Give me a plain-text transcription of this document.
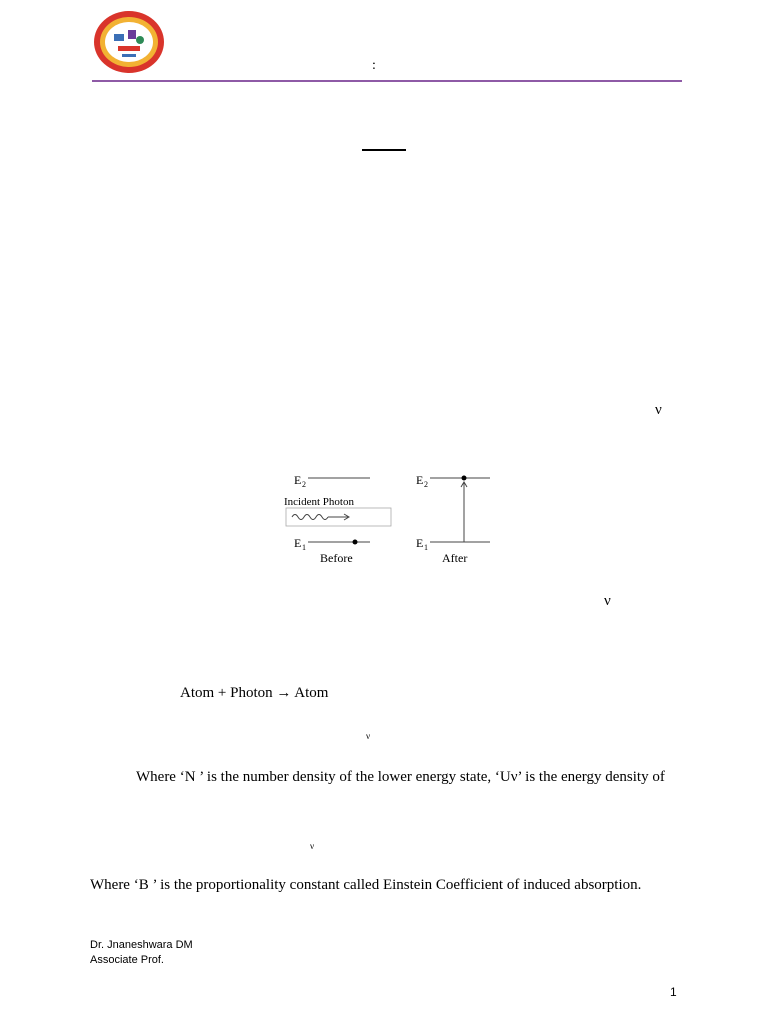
:
ν
E 2
Incident Photon
E 1
Before
E 2
E 1
After
ν
Atom + Photon → Atom
ν
Where ‘N ’ is the number density of the lower energy state, ‘Uν’ is the energy density of
ν
Where ‘B ’ is the proportionality constant called Einstein Coefficient of induced absorption.
Dr. Jnaneshwara DM
Associate Prof.
1
